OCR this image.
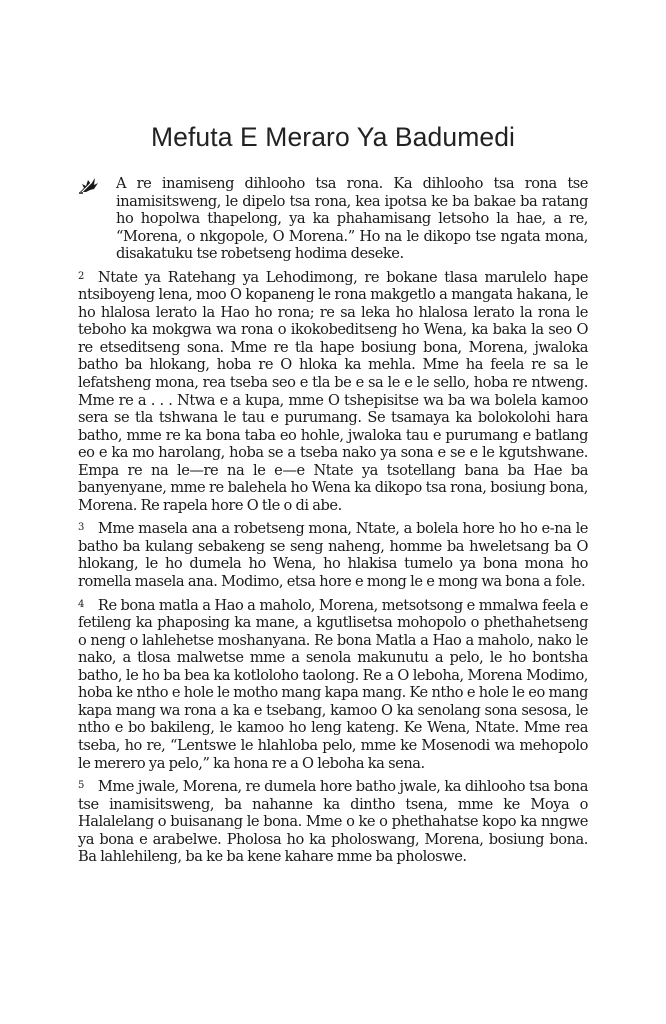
Mefuta E Meraro Ya Badumedi

A re inamiseng dihlooho tsa rona. Ka dihlooho tsa rona tse inamisitsweng, le dipelo tsa rona, kea ipotsa ke ba bakae ba ratang ho hopolwa thapelong, ya ka phahamisang letsoho la hae, a re, “Morena, o nkgopole, O Morena.” Ho na le dikopo tse ngata mona, disakatuku tse robetseng hodima deseke.

$^2$ Ntate ya Ratehang ya Lehodimong, re bokane tlasa marulelo hape ntsiboyeng lena, moo O kopaneng le rona makgetlo a mangata hakana, le ho hlalosa lerato la Hao ho rona; re sa leka ho hlalosa lerato la rona le teboho ka mokgwa wa rona o ikokobeditseng ho Wena, ka baka la seo O re etseditseng sona. Mme re tla hape bosiung bona, Morena, jwaloka batho ba hlokang, hoba re O hloka ka mehla. Mme ha feela re sa le lefatsheng mona, rea tseba seo e tla be e sa le e le sello, hoba re ntweng. Mme re a . . . Ntwa e a kupa, mme O tshepisitse wa ba wa bolela kamoo sera se tla tshwana le tau e purumang. Se tsamaya ka bolokolohi hara batho, mme re ka bona taba eo hohle, jwaloka tau e purumang e batlang eo e ka mo harolang, hoba se a tseba nako ya sona e se e le kgutshwane. Empa re na le—re na le e—e Ntate ya tsotellang bana ba Hae ba banyenyane, mme re balehela ho Wena ka dikopo tsa rona, bosiung bona, Morena. Re rapela hore O tle o di abe.

$^3$ Mme masela ana a robetseng mona, Ntate, a bolela hore ho ho e-na le batho ba kulang sebakeng se seng naheng, homme ba hweletsang ba O hlokang, le ho dumela ho Wena, ho hlakisa tumelo ya bona mona ho romella masela ana. Modimo, etsa hore e mong le e mong wa bona a fole.

$^4$ Re bona matla a Hao a maholo, Morena, metsotsong e mmalwa feela e fetileng ka phaposing ka mane, a kgutlisetsa mohopolo o phethahetseng o neng o lahlehetse moshanyana. Re bona Matla a Hao a maholo, nako le nako, a tlosa malwetse mme a senola makunutu a pelo, le ho bontsha batho, le ho ba bea ka kotloloho taolong. Re a O leboha, Morena Modimo, hoba ke ntho e hole le motho mang kapa mang. Ke ntho e hole le eo mang kapa mang wa rona a ka e tsebang, kamoo O ka senolang sona sesosa, le ntho e bo bakileng, le kamoo ho leng kateng. Ke Wena, Ntate. Mme rea tseba, ho re, “Lentswe le hlahloba pelo, mme ke Mosenodi wa mehopolo le merero ya pelo,” ka hona re a O leboha ka sena.

$^5$ Mme jwale, Morena, re dumela hore batho jwale, ka dihlooho tsa bona tse inamisitsweng, ba nahanne ka dintho tsena, mme ke Moya o Halalelang o buisanang le bona. Mme o ke o phethahatse kopo ka nngwe ya bona e arabelwe. Pholosa ho ka pholoswang, Morena, bosiung bona. Ba lahlehileng, ba ke ba kene kahare mme ba pholoswe.
